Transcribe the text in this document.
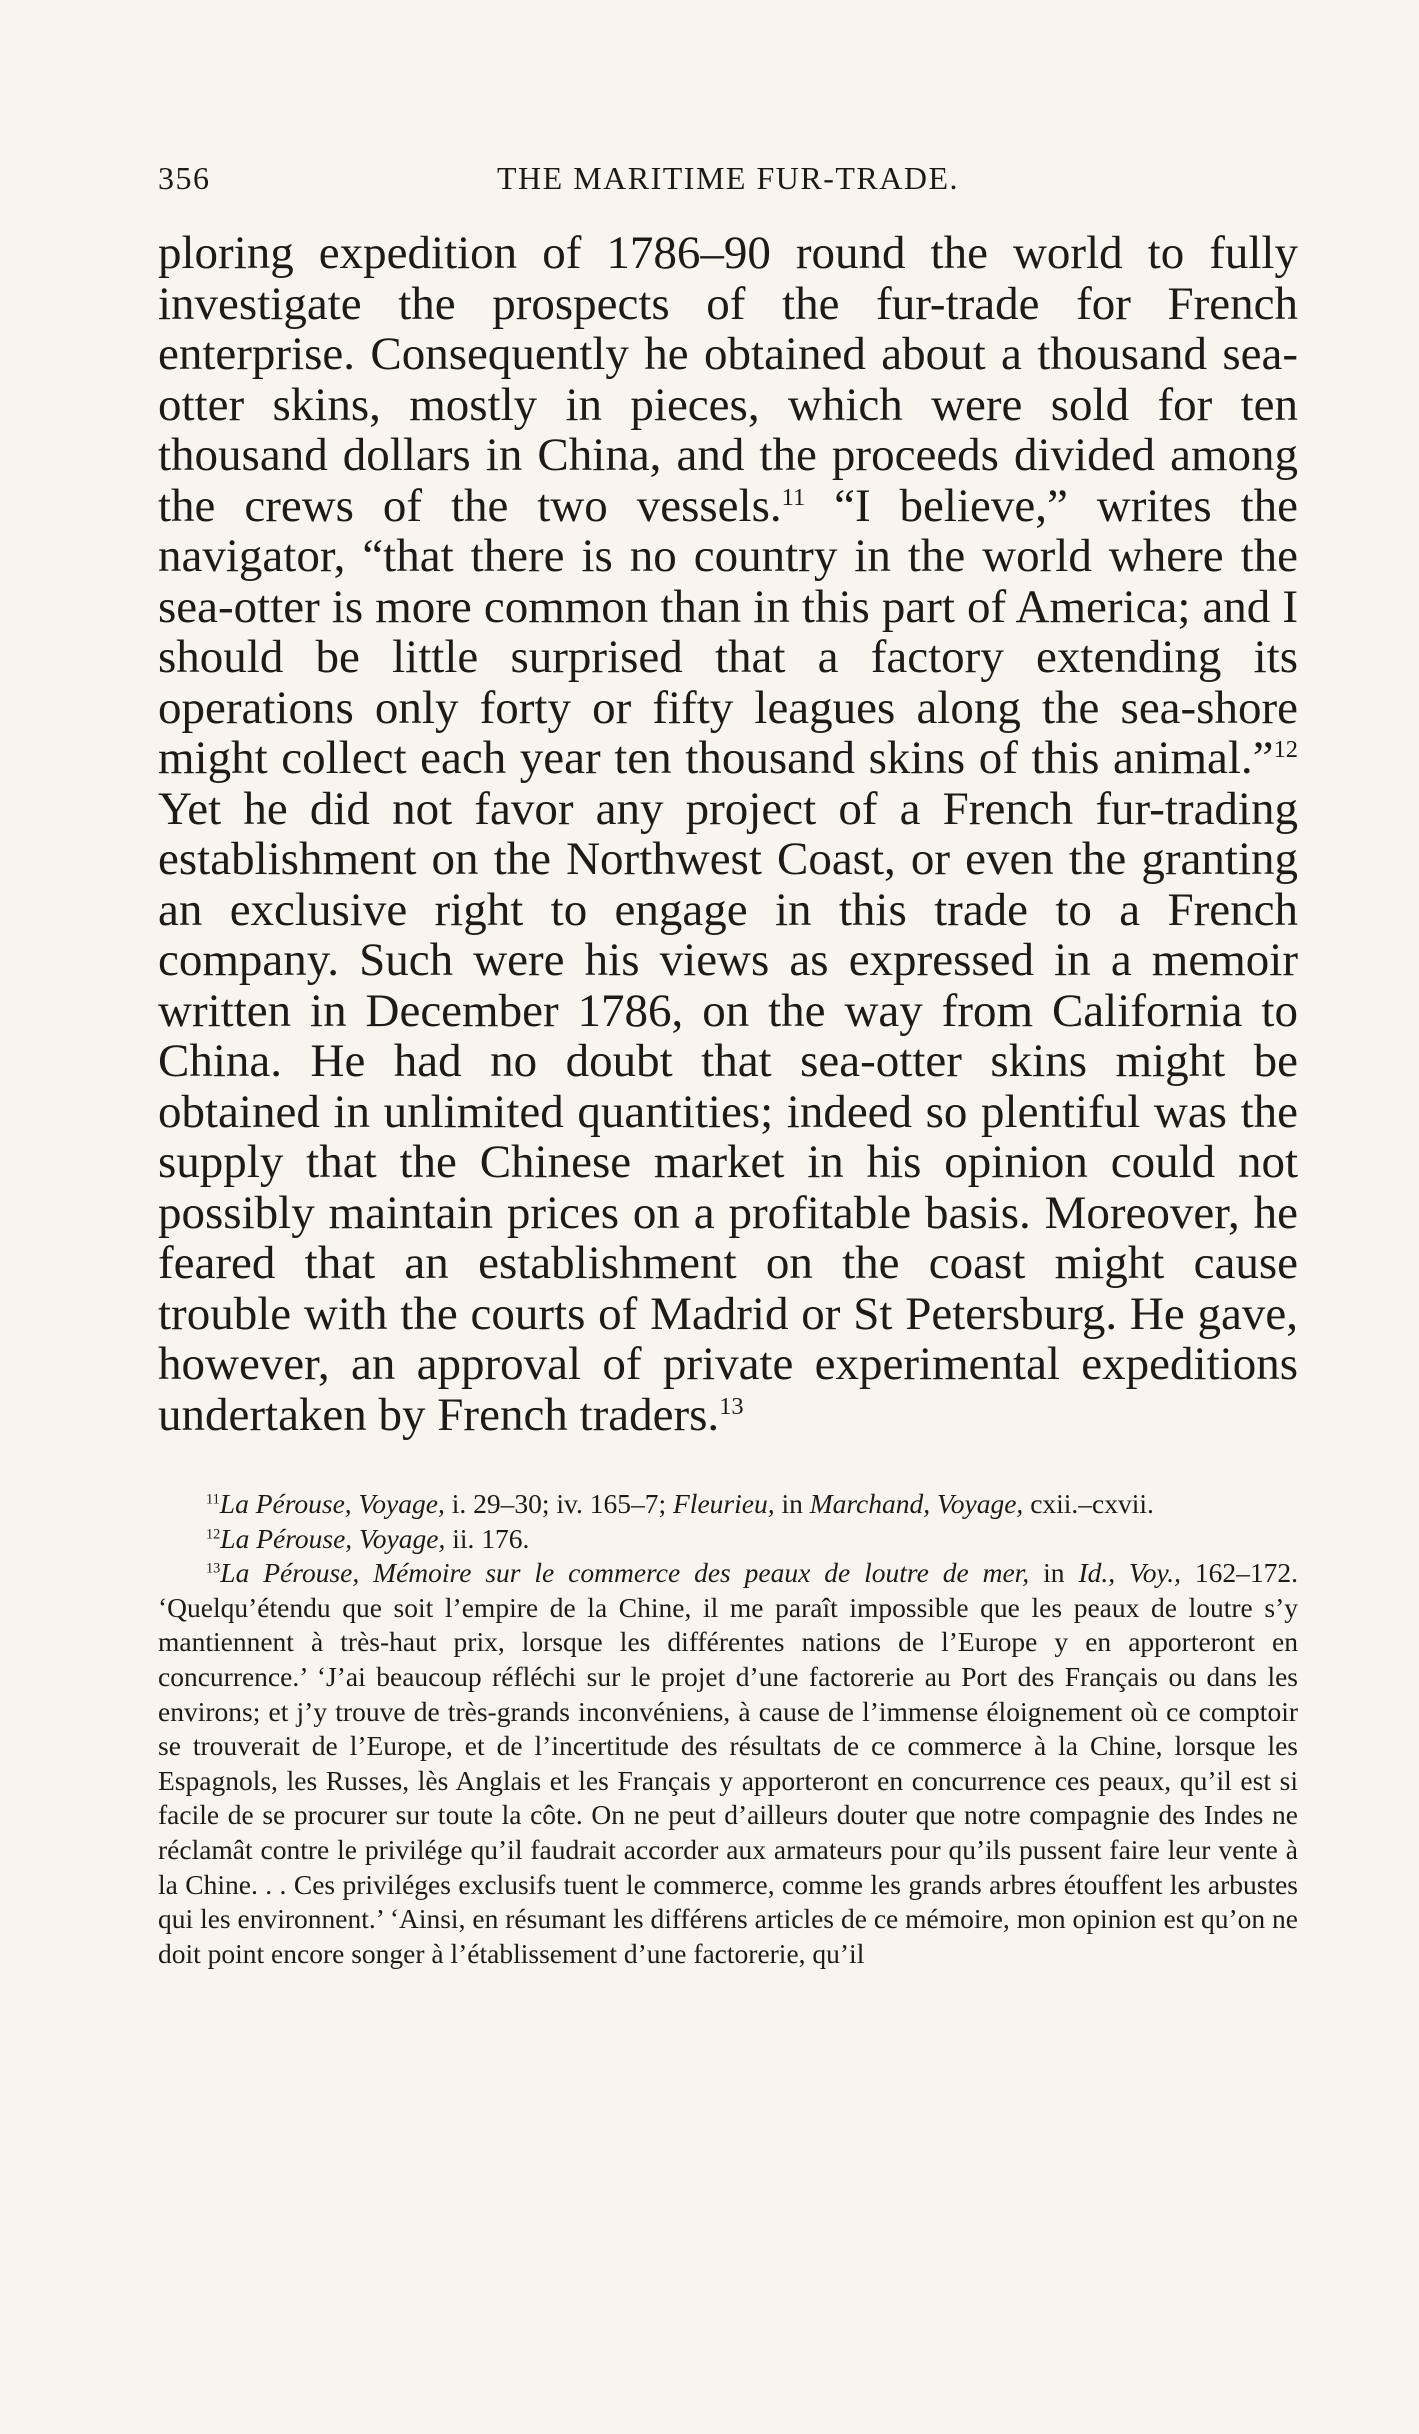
356	THE MARITIME FUR-TRADE.

ploring expedition of 1786–90 round the world to fully investigate the prospects of the fur-trade for French enterprise. Consequently he obtained about a thousand sea-otter skins, mostly in pieces, which were sold for ten thousand dollars in China, and the proceeds divided among the crews of the two vessels.$^{11}$ “I believe,” writes the navigator, “that there is no country in the world where the sea-otter is more common than in this part of America; and I should be little surprised that a factory extending its operations only forty or fifty leagues along the sea-shore might collect each year ten thousand skins of this animal.”$^{12}$ Yet he did not favor any project of a French fur-trading establishment on the Northwest Coast, or even the granting an exclusive right to engage in this trade to a French company. Such were his views as expressed in a memoir written in December 1786, on the way from California to China. He had no doubt that sea-otter skins might be obtained in unlimited quantities; indeed so plentiful was the supply that the Chinese market in his opinion could not possibly maintain prices on a profitable basis. Moreover, he feared that an establishment on the coast might cause trouble with the courts of Madrid or St Petersburg. He gave, however, an approval of private experimental expeditions undertaken by French traders.$^{13}$

$^{11}$La Pérouse, Voyage, i. 29–30; iv. 165–7; Fleurieu, in Marchand, Voyage, cxii.–cxvii.

$^{12}$La Pérouse, Voyage, ii. 176.

$^{13}$La Pérouse, Mémoire sur le commerce des peaux de loutre de mer, in Id., Voy., 162–172. ‘Quelqu’étendu que soit l’empire de la Chine, il me paraît impossible que les peaux de loutre s’y mantiennent à très-haut prix, lorsque les différentes nations de l’Europe y en apporteront en concurrence.’ ‘J’ai beaucoup réfléchi sur le projet d’une factorerie au Port des Français ou dans les environs; et j’y trouve de très-grands inconvéniens, à cause de l’immense éloignement où ce comptoir se trouverait de l’Europe, et de l’incertitude des résultats de ce commerce à la Chine, lorsque les Espagnols, les Russes, lès Anglais et les Français y apporteront en concurrence ces peaux, qu’il est si facile de se procurer sur toute la côte. On ne peut d’ailleurs douter que notre compagnie des Indes ne réclamât contre le privilége qu’il faudrait accorder aux armateurs pour qu’ils pussent faire leur vente à la Chine. . . Ces priviléges exclusifs tuent le commerce, comme les grands arbres étouffent les arbustes qui les environnent.’ ‘Ainsi, en résumant les différens articles de ce mémoire, mon opinion est qu’on ne doit point encore songer à l’établissement d’une factorerie, qu’il
